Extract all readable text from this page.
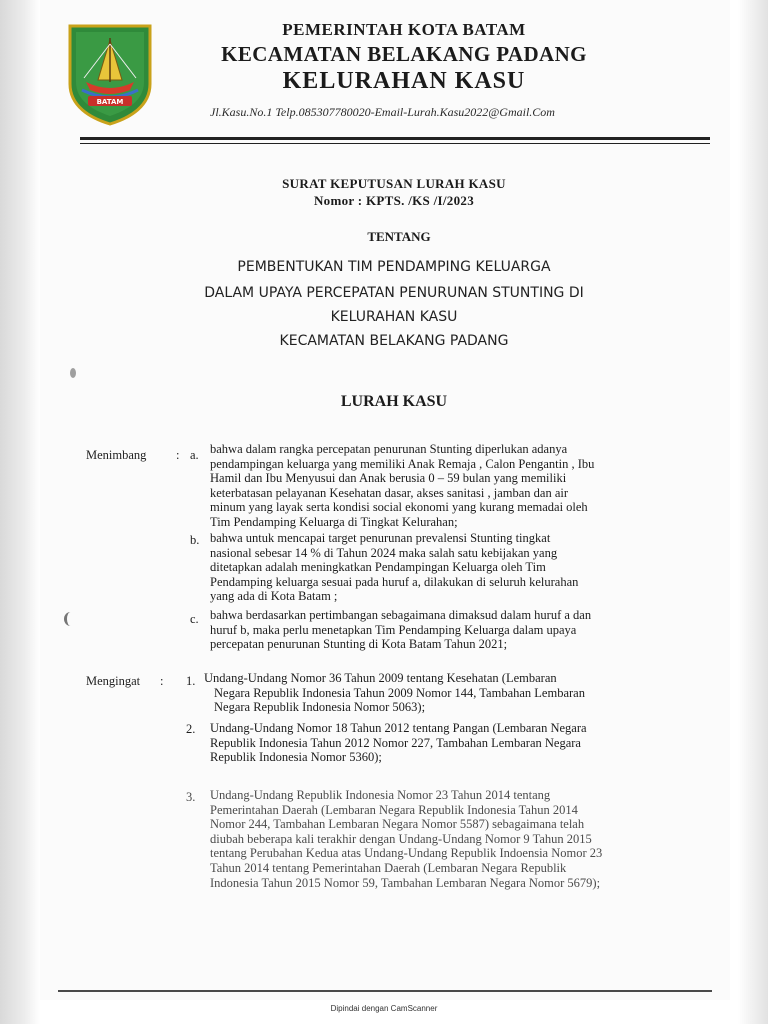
BATAM
PEMERINTAH KOTA BATAM
KECAMATAN BELAKANG PADANG
KELURAHAN KASU
Jl.Kasu.No.1 Telp.085307780020-Email-Lurah.Kasu2022@Gmail.Com
SURAT KEPUTUSAN LURAH KASU
Nomor : KPTS. /KS /I/2023
TENTANG
PEMBENTUKAN TIM PENDAMPING KELUARGA
DALAM UPAYA PERCEPATAN PENURUNAN STUNTING DI
KELURAHAN KASU
KECAMATAN BELAKANG PADANG
LURAH KASU
Menimbang : a. bahwa dalam rangka percepatan penurunan Stunting diperlukan adanya
pendampingan keluarga yang memiliki Anak Remaja , Calon Pengantin , Ibu
Hamil dan Ibu Menyusui dan Anak berusia 0 – 59 bulan yang memiliki
keterbatasan pelayanan Kesehatan dasar, akses sanitasi , jamban dan air
minum yang layak serta kondisi social ekonomi yang kurang memadai oleh
Tim Pendamping Keluarga di Tingkat Kelurahan;
b. bahwa untuk mencapai target penurunan prevalensi Stunting tingkat
nasional sebesar 14 % di Tahun 2024 maka salah satu kebijakan yang
ditetapkan adalah meningkatkan Pendampingan Keluarga oleh Tim
Pendamping keluarga sesuai pada huruf a, dilakukan di seluruh kelurahan
yang ada di Kota Batam ;
c. bahwa berdasarkan pertimbangan sebagaimana dimaksud dalam huruf a dan
huruf b, maka perlu menetapkan Tim Pendamping Keluarga dalam upaya
percepatan penurunan Stunting di Kota Batam Tahun 2021;
Mengingat : 1. Undang-Undang Nomor 36 Tahun 2009 tentang Kesehatan (Lembaran
Negara Republik Indonesia Tahun 2009 Nomor 144, Tambahan Lembaran
Negara Republik Indonesia Nomor 5063);
2. Undang-Undang Nomor 18 Tahun 2012 tentang Pangan (Lembaran Negara
Republik Indonesia Tahun 2012 Nomor 227, Tambahan Lembaran Negara
Republik Indonesia Nomor 5360);
3. Undang-Undang Republik Indonesia Nomor 23 Tahun 2014 tentang
Pemerintahan Daerah (Lembaran Negara Republik Indonesia Tahun 2014
Nomor 244, Tambahan Lembaran Negara Nomor 5587) sebagaimana telah
diubah beberapa kali terakhir dengan Undang-Undang Nomor 9 Tahun 2015
tentang Perubahan Kedua atas Undang-Undang Republik Indoensia Nomor 23
Tahun 2014 tentang Pemerintahan Daerah (Lembaran Negara Republik
Indonesia Tahun 2015 Nomor 59, Tambahan Lembaran Negara Nomor 5679);
Dipindai dengan CamScanner
